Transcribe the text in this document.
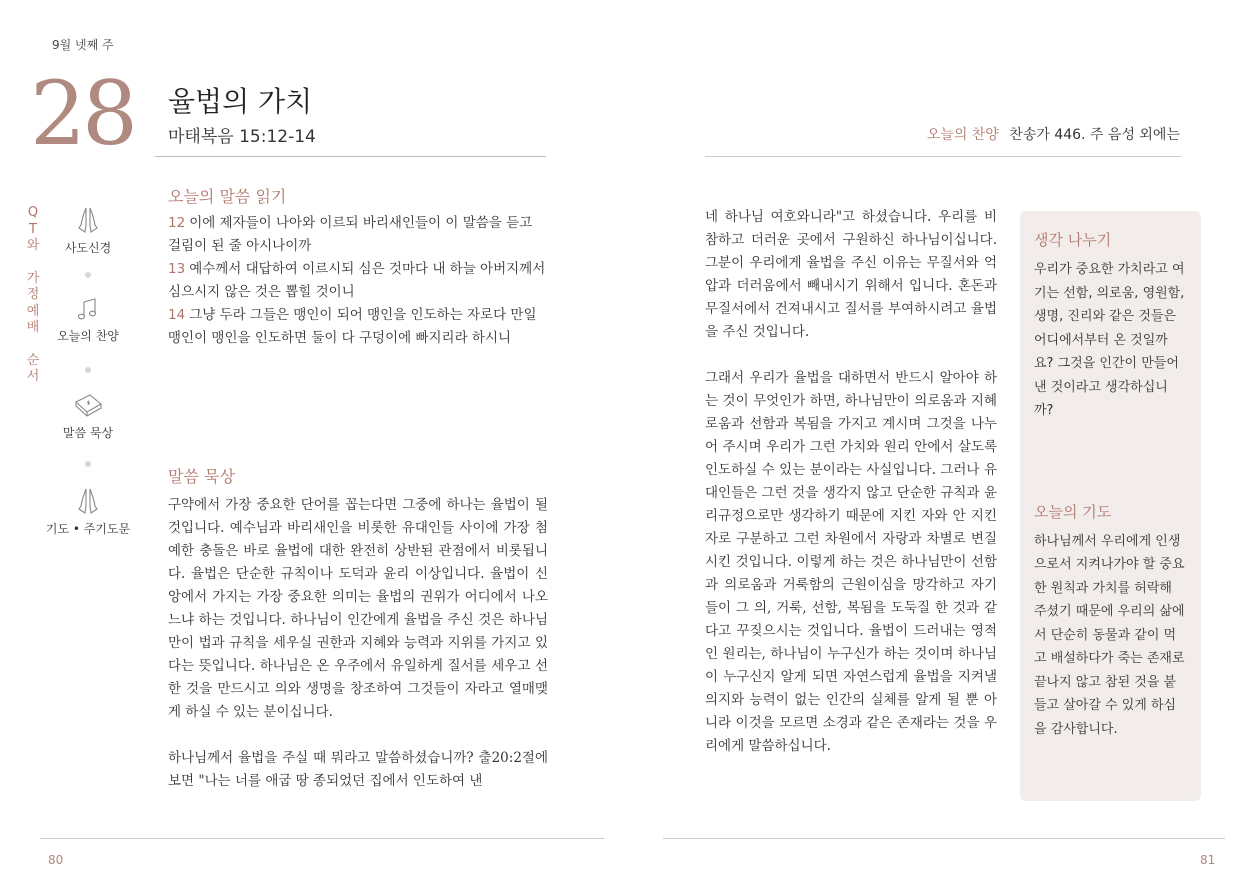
9월 넷째 주
28 율법의 가치
마태복음 15:12-14	오늘의 찬양 찬송가 446. 주 음성 외에는
Q
T
와
가
정
예
배
순
서
사도신경
오늘의 찬양
말씀 묵상
기도 • 주기도문
오늘의 말씀 읽기
12 이에 제자들이 나아와 이르되 바리새인들이 이 말씀을 듣고 걸림이 된 줄 아시나이까
13 예수께서 대답하여 이르시되 심은 것마다 내 하늘 아버지께서 심으시지 않은 것은 뽑힐 것이니
14 그냥 두라 그들은 맹인이 되어 맹인을 인도하는 자로다 만일 맹인이 맹인을 인도하면 둘이 다 구덩이에 빠지리라 하시니
말씀 묵상

구약에서 가장 중요한 단어를 꼽는다면 그중에 하나는 율법이 될 것입니다. 예수님과 바리새인을 비롯한 유대인들 사이에 가장 첨예한 충돌은 바로 율법에 대한 완전히 상반된 관점에서 비롯됩니다. 율법은 단순한 규칙이나 도덕과 윤리 이상입니다. 율법이 신앙에서 가지는 가장 중요한 의미는 율법의 권위가 어디에서 나오느냐 하는 것입니다. 하나님이 인간에게 율법을 주신 것은 하나님만이 법과 규칙을 세우실 권한과 지혜와 능력과 지위를 가지고 있다는 뜻입니다. 하나님은 온 우주에서 유일하게 질서를 세우고 선한 것을 만드시고 의와 생명을 창조하여 그것들이 자라고 열매맺게 하실 수 있는 분이십니다.

하나님께서 율법을 주실 때 뭐라고 말씀하셨습니까? 출20:2절에 보면 "나는 너를 애굽 땅 종되었던 집에서 인도하여 낸

네 하나님 여호와니라"고 하셨습니다. 우리를 비참하고 더러운 곳에서 구원하신 하나님이십니다. 그분이 우리에게 율법을 주신 이유는 무질서와 억압과 더러움에서 빼내시기 위해서 입니다. 혼돈과 무질서에서 건져내시고 질서를 부여하시려고 율법을 주신 것입니다.

그래서 우리가 율법을 대하면서 반드시 알아야 하는 것이 무엇인가 하면, 하나님만이 의로움과 지혜로움과 선함과 복됨을 가지고 계시며 그것을 나누어 주시며 우리가 그런 가치와 원리 안에서 살도록 인도하실 수 있는 분이라는 사실입니다. 그러나 유대인들은 그런 것을 생각지 않고 단순한 규칙과 윤리규정으로만 생각하기 때문에 지킨 자와 안 지킨 자로 구분하고 그런 차원에서 자랑과 차별로 변질시킨 것입니다. 이렇게 하는 것은 하나님만이 선함과 의로움과 거룩함의 근원이심을 망각하고 자기들이 그 의, 거룩, 선함, 복됨을 도둑질 한 것과 같다고 꾸짖으시는 것입니다. 율법이 드러내는 영적인 원리는, 하나님이 누구신가 하는 것이며 하나님이 누구신지 알게 되면 자연스럽게 율법을 지켜낼 의지와 능력이 없는 인간의 실체를 알게 될 뿐 아니라 이것을 모르면 소경과 같은 존재라는 것을 우리에게 말씀하십니다.

생각 나누기
우리가 중요한 가치라고 여기는 선함, 의로움, 영원함, 생명, 진리와 같은 것들은 어디에서부터 온 것일까요? 그것을 인간이 만들어낸 것이라고 생각하십니까?
오늘의 기도
하나님께서 우리에게 인생으로서 지켜나가야 할 중요한 원칙과 가치를 허락해 주셨기 때문에 우리의 삶에서 단순히 동물과 같이 먹고 배설하다가 죽는 존재로 끝나지 않고 참된 것을 붙들고 살아갈 수 있게 하심을 감사합니다.
80	81
